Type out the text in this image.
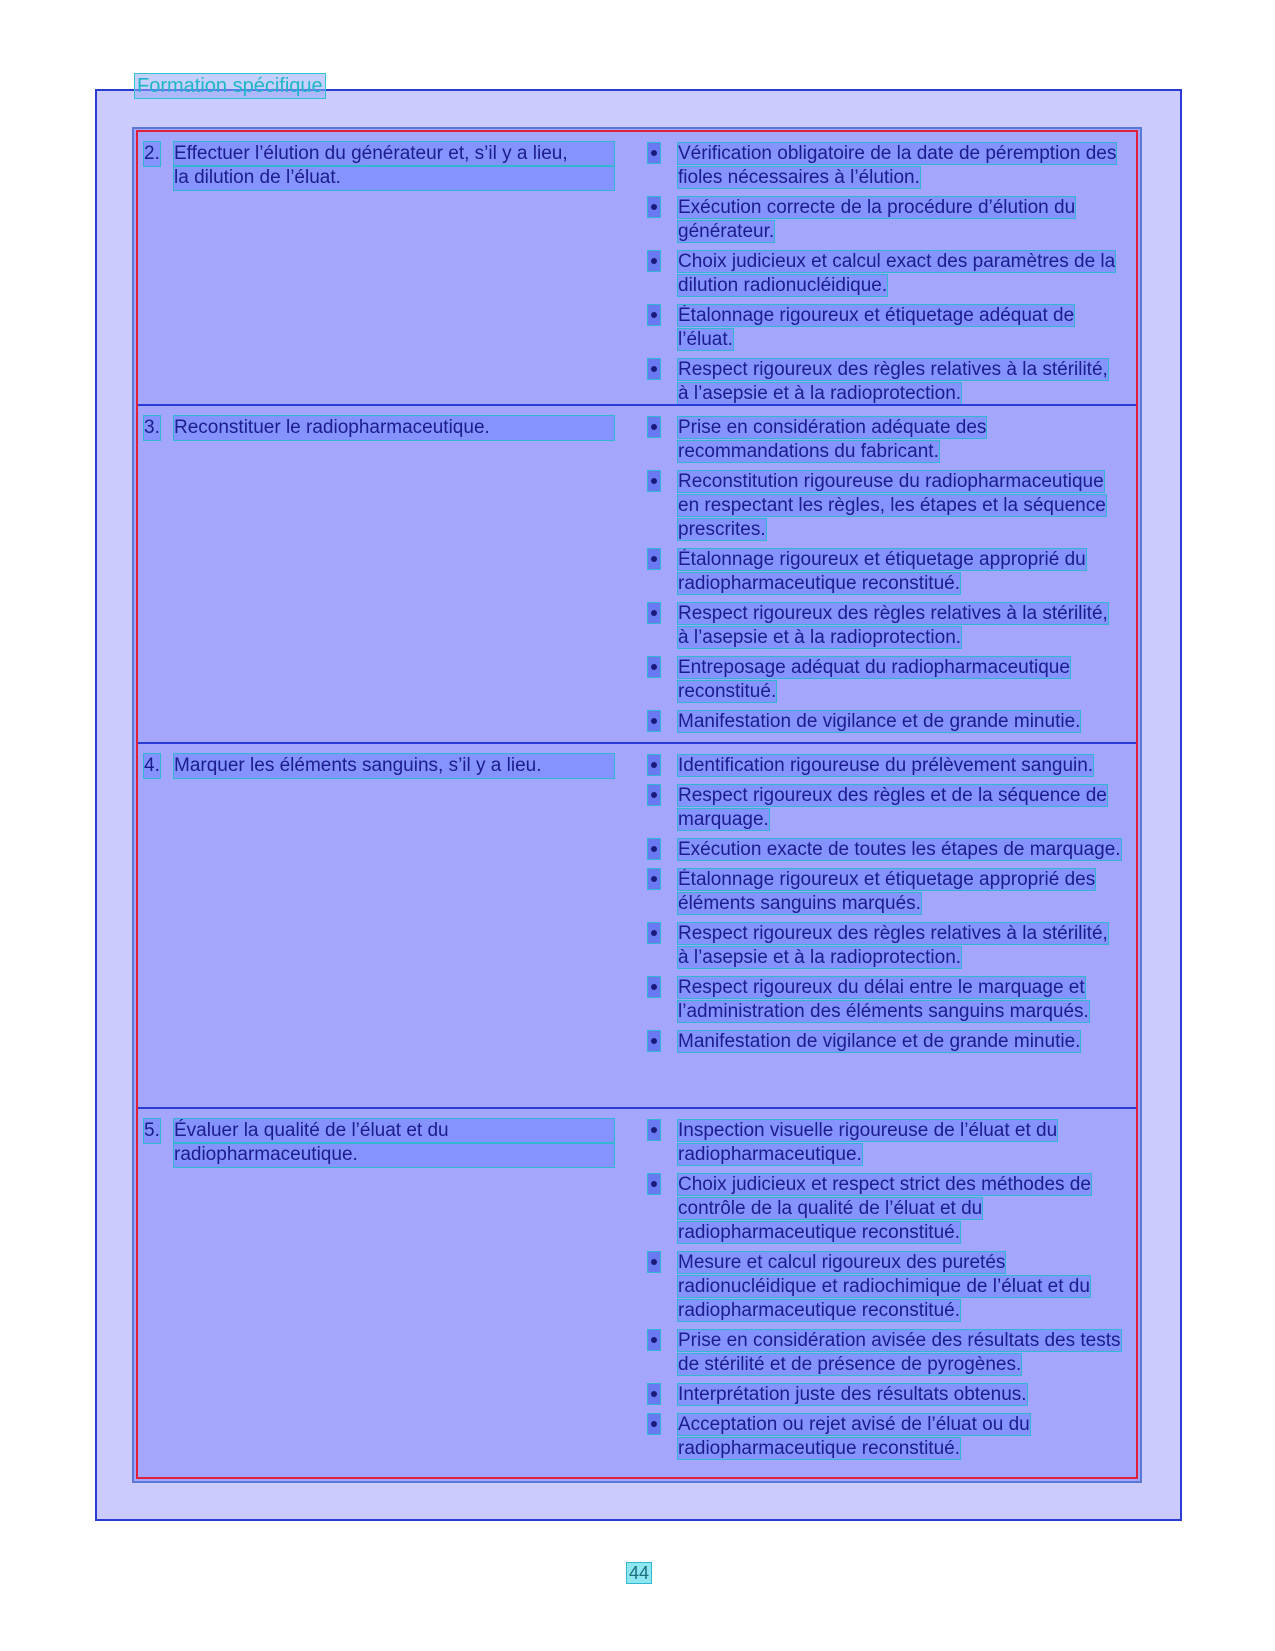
Formation spécifique
2. Effectuer l’élution du générateur et, s’il y a lieu,
la dilution de l’éluat.
Vérification obligatoire de la date de péremption des fioles nécessaires à l’élution.
Exécution correcte de la procédure d’élution du générateur.
Choix judicieux et calcul exact des paramètres de la dilution radionucléidique.
Étalonnage rigoureux et étiquetage adéquat de l’éluat.
Respect rigoureux des règles relatives à la stérilité, à l’asepsie et à la radioprotection.
3. Reconstituer le radiopharmaceutique.	Prise en considération adéquate des recommandations du fabricant.
Reconstitution rigoureuse du radiopharmaceutique en respectant les règles, les étapes et la séquence prescrites.
Étalonnage rigoureux et étiquetage approprié du radiopharmaceutique reconstitué.
Respect rigoureux des règles relatives à la stérilité, à l’asepsie et à la radioprotection.
Entreposage adéquat du radiopharmaceutique reconstitué.
Manifestation de vigilance et de grande minutie.
4. Marquer les éléments sanguins, s’il y a lieu.	Identification rigoureuse du prélèvement sanguin.
Respect rigoureux des règles et de la séquence de marquage.
Exécution exacte de toutes les étapes de marquage.
Étalonnage rigoureux et étiquetage approprié des éléments sanguins marqués.
Respect rigoureux des règles relatives à la stérilité, à l’asepsie et à la radioprotection.
Respect rigoureux du délai entre le marquage et l’administration des éléments sanguins marqués.
Manifestation de vigilance et de grande minutie.
5. Évaluer la qualité de l’éluat et du
radiopharmaceutique.
Inspection visuelle rigoureuse de l’éluat et du radiopharmaceutique.
Choix judicieux et respect strict des méthodes de contrôle de la qualité de l’éluat et du radiopharmaceutique reconstitué.
Mesure et calcul rigoureux des puretés radionucléidique et radiochimique de l’éluat et du radiopharmaceutique reconstitué.
Prise en considération avisée des résultats des tests de stérilité et de présence de pyrogènes.
Interprétation juste des résultats obtenus.
Acceptation ou rejet avisé de l’éluat ou du radiopharmaceutique reconstitué.
44
